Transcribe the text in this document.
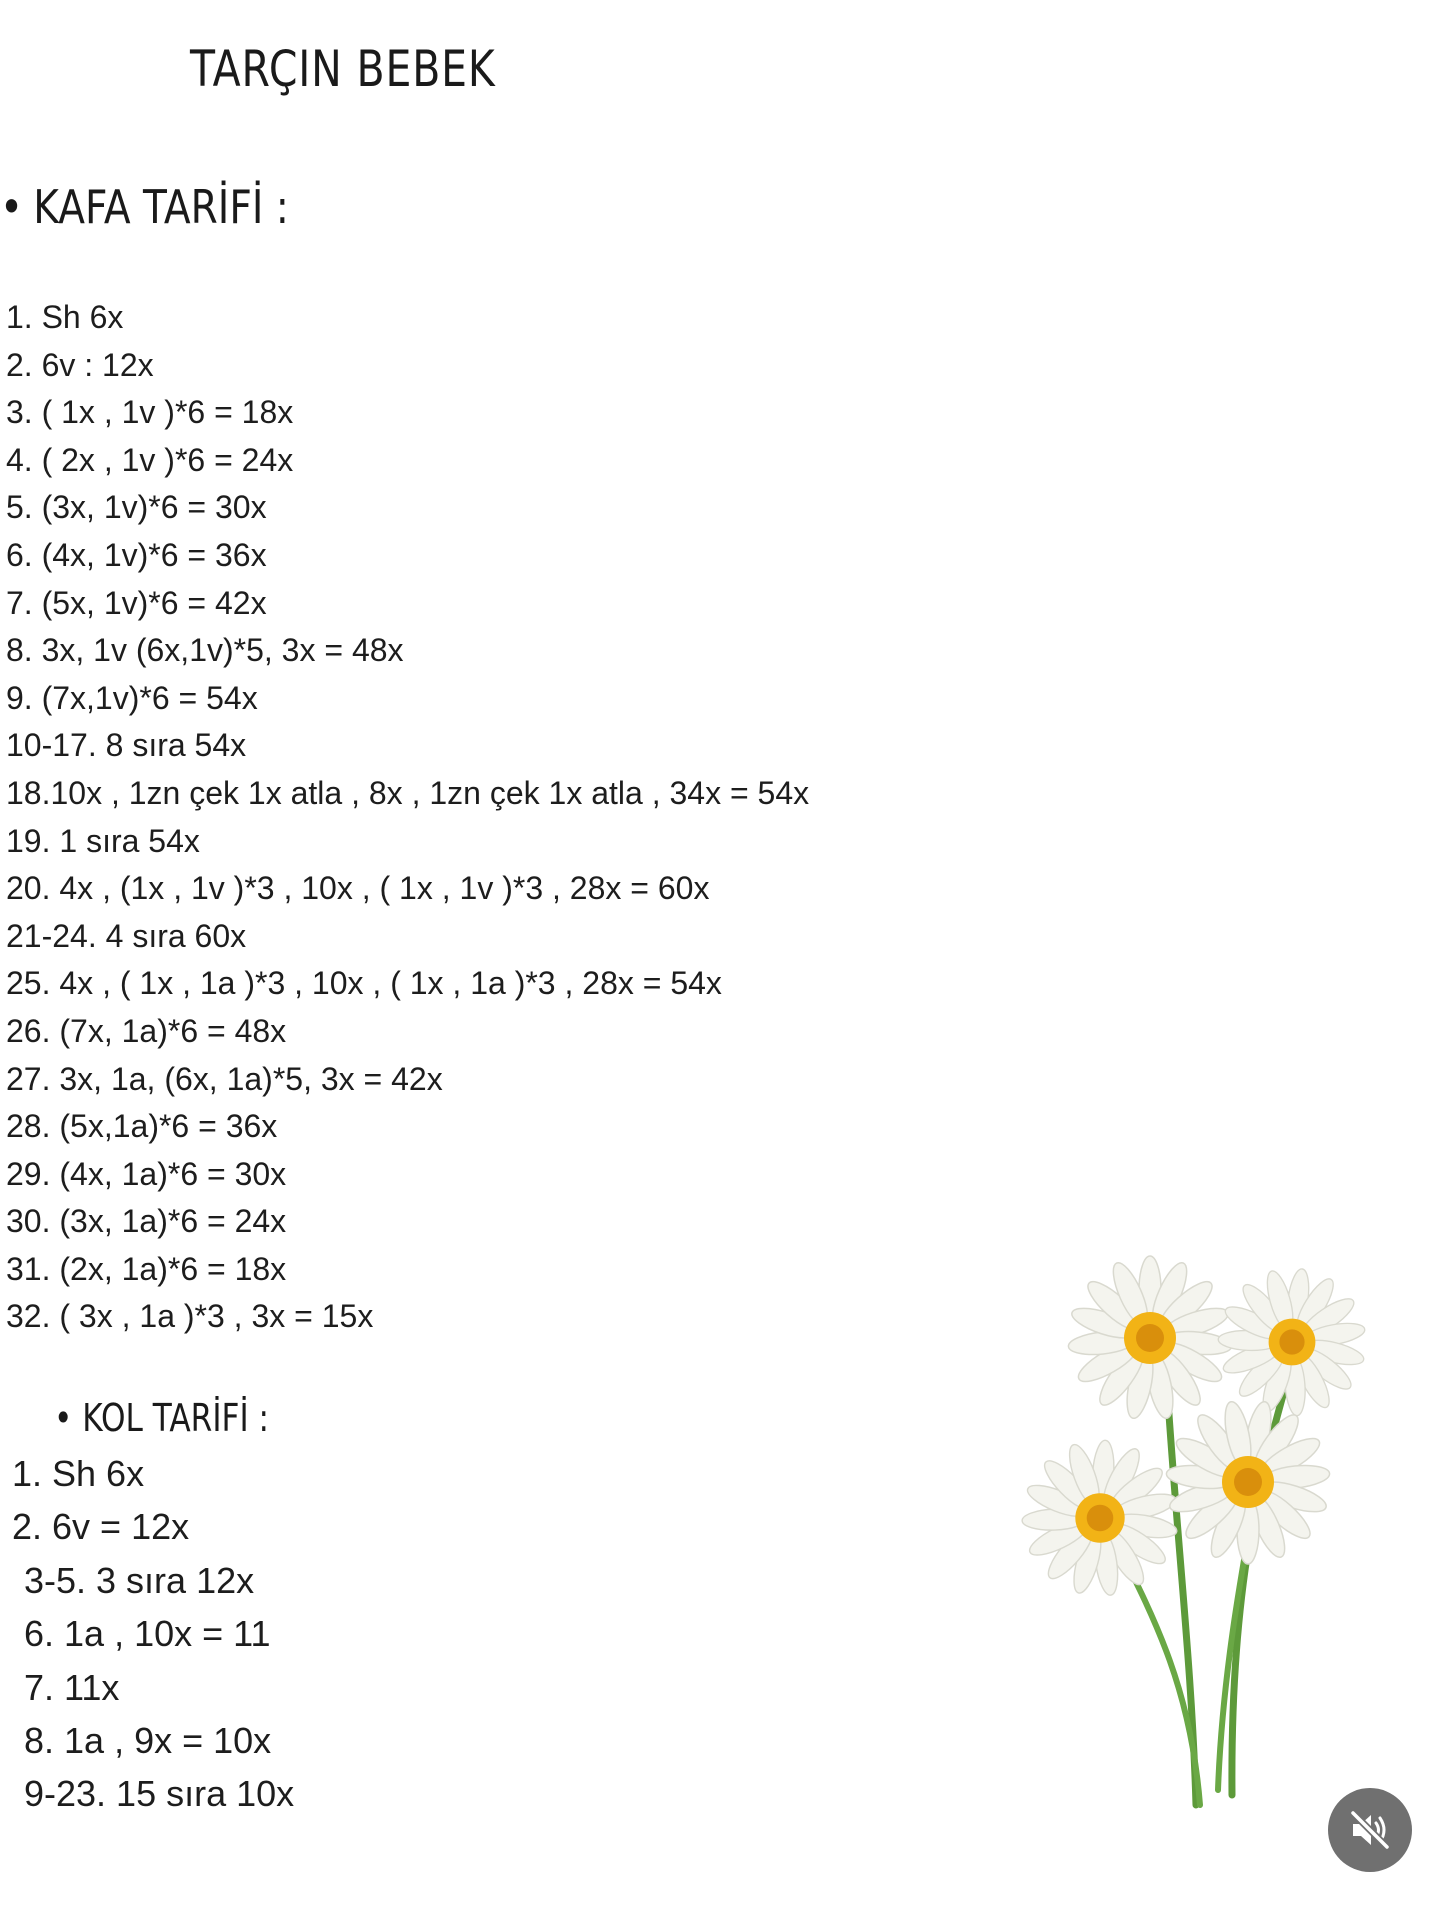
TARÇIN BEBEK
• KAFA TARİFİ :
1. Sh 6x
2. 6v : 12x
3. ( 1x , 1v )*6 = 18x
4. ( 2x , 1v )*6 = 24x
5. (3x, 1v)*6 = 30x
6. (4x, 1v)*6 = 36x
7. (5x, 1v)*6 = 42x
8. 3x, 1v (6x,1v)*5, 3x = 48x
9. (7x,1v)*6 = 54x
10-17. 8 sıra 54x
18.10x , 1zn çek 1x atla , 8x , 1zn çek 1x atla , 34x = 54x
19. 1 sıra 54x
20. 4x , (1x , 1v )*3 , 10x , ( 1x , 1v )*3 , 28x = 60x
21-24. 4 sıra 60x
25. 4x , ( 1x , 1a )*3 , 10x , ( 1x , 1a )*3 , 28x = 54x
26. (7x, 1a)*6 = 48x
27. 3x, 1a, (6x, 1a)*5, 3x = 42x
28. (5x,1a)*6 = 36x
29. (4x, 1a)*6 = 30x
30. (3x, 1a)*6 = 24x
31. (2x, 1a)*6 = 18x
32. ( 3x , 1a )*3 , 3x = 15x
• KOL TARİFİ :
1. Sh 6x
2. 6v = 12x
3-5. 3 sıra 12x
6. 1a , 10x = 11
7. 11x
8. 1a , 9x = 10x
9-23. 15 sıra 10x
